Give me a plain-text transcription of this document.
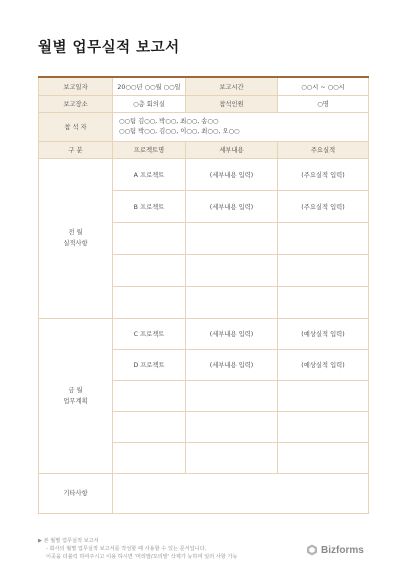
월별 업무실적 보고서
보고일자	20○○년 ○○월 ○○일	보고시간	○○시 ~ ○○시
보고장소	○층 회의실	참석인원	○명
참 석 자	○○팀 김○○, 박○○, 최○○, 송○○
○○팀 박○○, 김○○, 이○○, 최○○, 오○○		

구 분	프로젝트명	세부내용	주요실적

전 월
실적사항	A 프로젝트	(세부내용 입력)	(주요실적 입력)
	B 프로젝트	(세부내용 입력)	(주요실적 입력)

금 월
업무계획	C 프로젝트	(세부내용 입력)	(예상실적 입력)
	D 프로젝트	(세부내용 입력)	(예상실적 입력)

기타사항			
▶ 본 월별 업무실적 보고서
- 회사의 월별 업무실적 보고서를 작성할 때 사용할 수 있는 문서입니다.
이곳을 더블릭 하여주시고 이용 하시면 '머리말/꼬리말' 삭제가 능하며 일러 사항 가능
Bizforms
